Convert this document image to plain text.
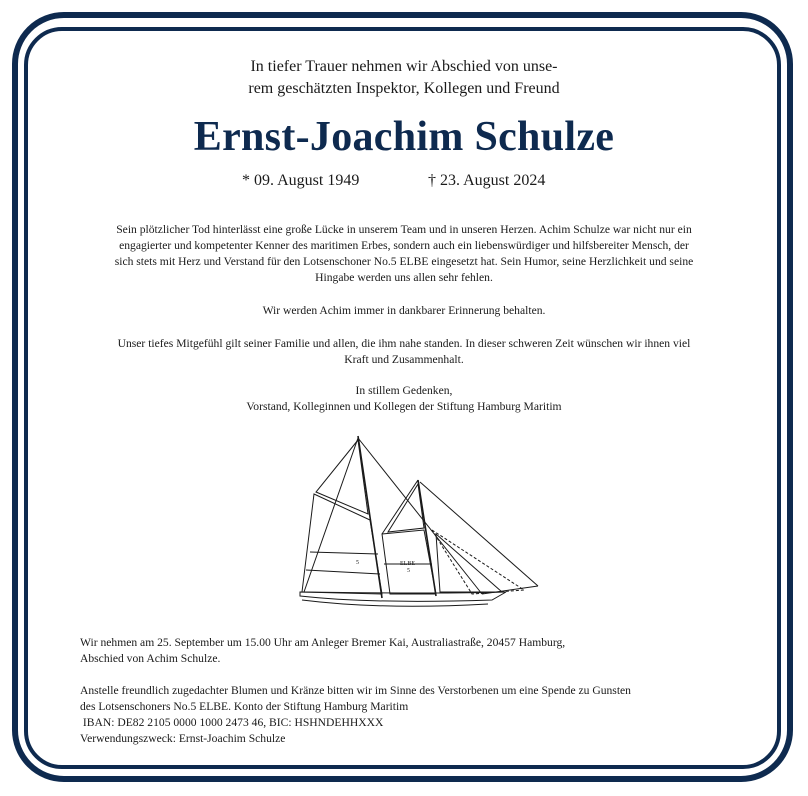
In tiefer Trauer nehmen wir Abschied von unse-
rem geschätzten Inspektor, Kollegen und Freund
Ernst-Joachim Schulze
* 09. August 1949	† 23. August 2024
Sein plötzlicher Tod hinterlässt eine große Lücke in unserem Team und in unseren Herzen. Achim Schulze war nicht nur ein
engagierter und kompetenter Kenner des maritimen Erbes, sondern auch ein liebenswürdiger und hilfsbereiter Mensch, der
sich stets mit Herz und Verstand für den Lotsenschoner No.5 ELBE eingesetzt hat. Sein Humor, seine Herzlichkeit und seine
Hingabe werden uns allen sehr fehlen.
Wir werden Achim immer in dankbarer Erinnerung behalten.
Unser tiefes Mitgefühl gilt seiner Familie und allen, die ihm nahe standen. In dieser schweren Zeit wünschen wir ihnen viel
Kraft und Zusammenhalt.
In stillem Gedenken,
Vorstand, Kolleginnen und Kollegen der Stiftung Hamburg Maritim
ELBE
5
5
Wir nehmen am 25. September um 15.00 Uhr am Anleger Bremer Kai, Australiastraße, 20457 Hamburg,
Abschied von Achim Schulze.
Anstelle freundlich zugedachter Blumen und Kränze bitten wir im Sinne des Verstorbenen um eine Spende zu Gunsten
des Lotsenschoners No.5 ELBE. Konto der Stiftung Hamburg Maritim
IBAN: DE82 2105 0000 1000 2473 46, BIC: HSHNDEHHXXX
Verwendungszweck: Ernst-Joachim Schulze
